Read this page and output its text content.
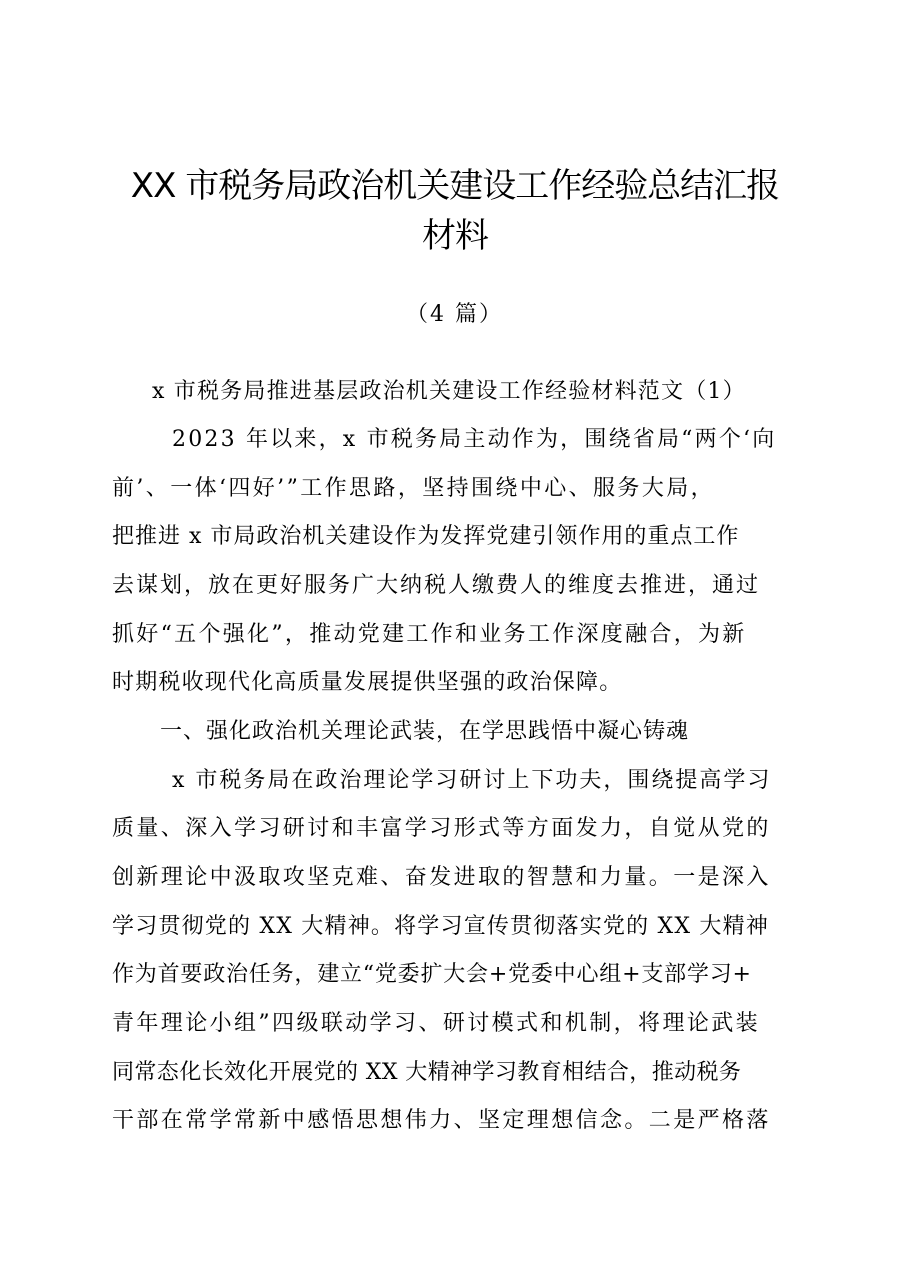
XX 市税务局政治机关建设工作经验总结汇报
材料
（4 篇）
x 市税务局推进基层政治机关建设工作经验材料范文（1）
2023 年以来，x 市税务局主动作为，围绕省局“两个‘向
前’、一体‘四好’”工作思路，坚持围绕中心、服务大局，
把推进 x 市局政治机关建设作为发挥党建引领作用的重点工作
去谋划，放在更好服务广大纳税人缴费人的维度去推进，通过
抓好“五个强化”，推动党建工作和业务工作深度融合，为新
时期税收现代化高质量发展提供坚强的政治保障。
一、强化政治机关理论武装，在学思践悟中凝心铸魂
x 市税务局在政治理论学习研讨上下功夫，围绕提高学习
质量、深入学习研讨和丰富学习形式等方面发力，自觉从党的
创新理论中汲取攻坚克难、奋发进取的智慧和力量。一是深入
学习贯彻党的 XX 大精神。将学习宣传贯彻落实党的 XX 大精神
作为首要政治任务，建立“党委扩大会+党委中心组+支部学习+
青年理论小组”四级联动学习、研讨模式和机制，将理论武装
同常态化长效化开展党的 XX 大精神学习教育相结合，推动税务
干部在常学常新中感悟思想伟力、坚定理想信念。二是严格落
